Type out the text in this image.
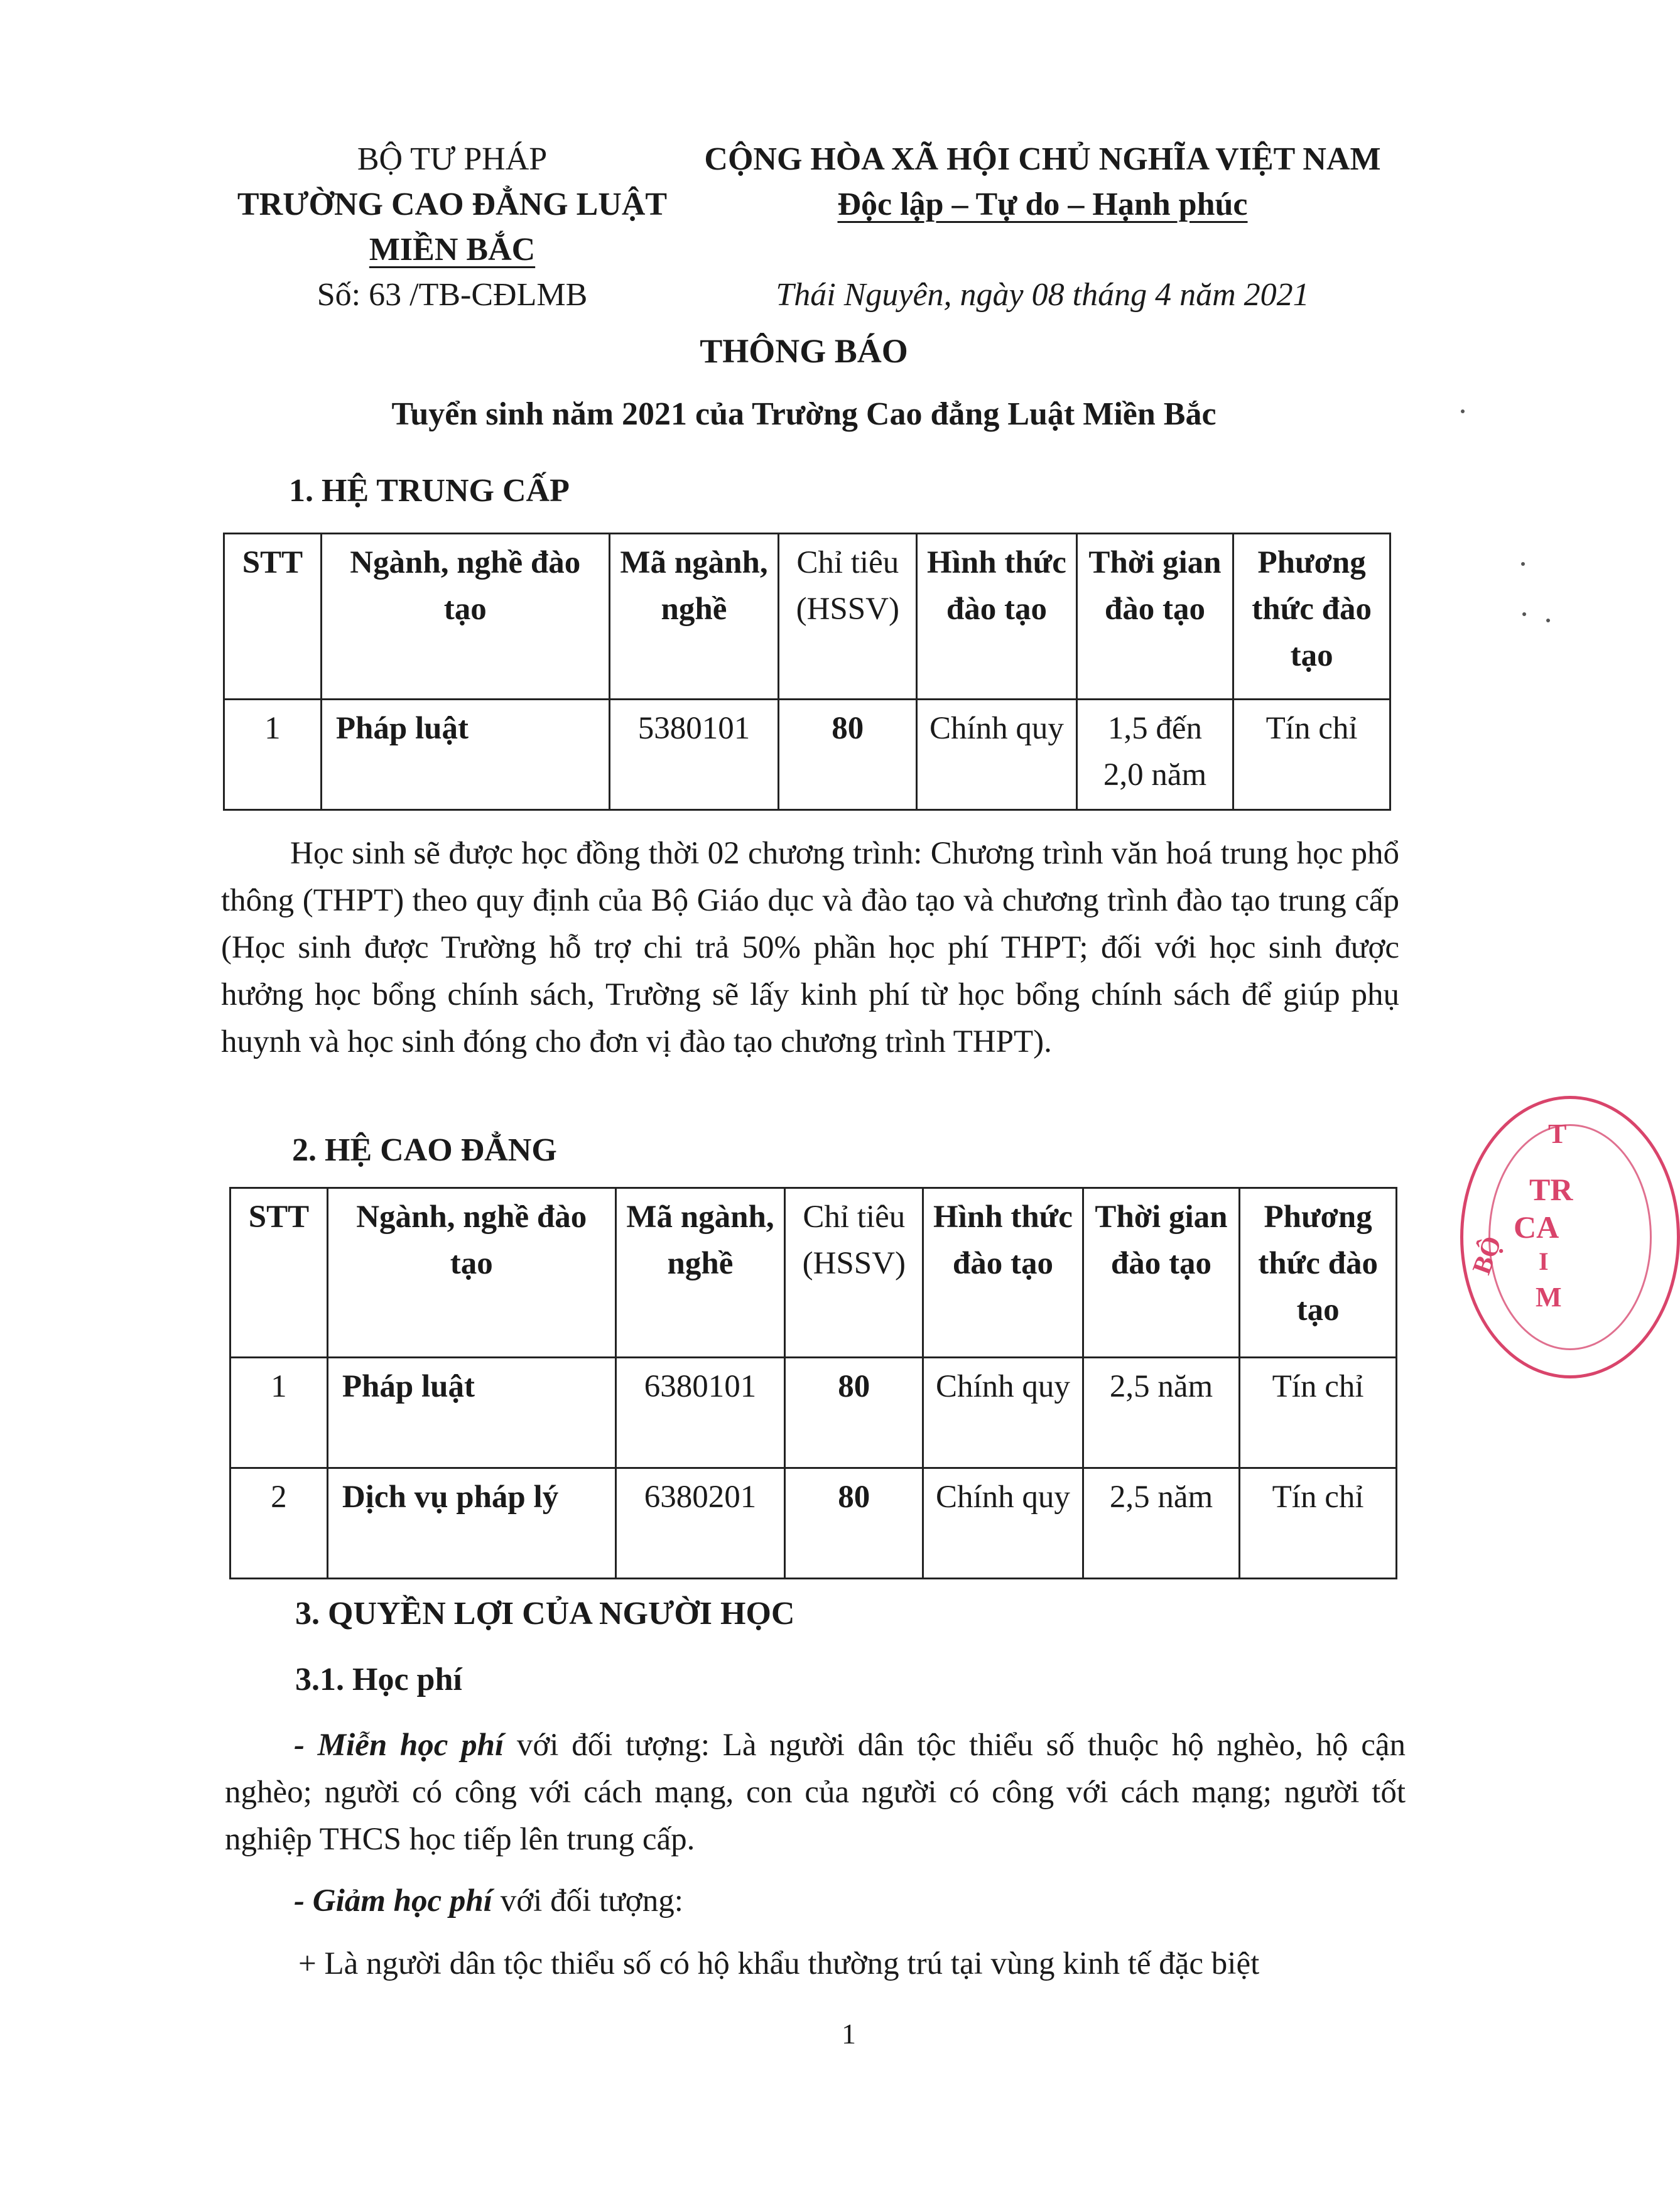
BỘ TƯ PHÁP
TRƯỜNG CAO ĐẲNG LUẬT
MIỀN BẮC
Số: 63 /TB-CĐLMB
CỘNG HÒA XÃ HỘI CHỦ NGHĨA VIỆT NAM
Độc lập – Tự do – Hạnh phúc
Thái Nguyên, ngày 08 tháng 4 năm 2021
THÔNG BÁO
Tuyển sinh năm 2021 của Trường Cao đẳng Luật Miền Bắc
1. HỆ TRUNG CẤP
STT	Ngành, nghề đào tạo	Mã ngành, nghề	Chỉ tiêu (HSSV)	Hình thức đào tạo	Thời gian đào tạo	Phương thức đào tạo
1	Pháp luật	5380101	80	Chính quy	1,5 đến 2,0 năm	Tín chỉ
Học sinh sẽ được học đồng thời 02 chương trình: Chương trình văn hoá trung học phổ thông (THPT) theo quy định của Bộ Giáo dục và đào tạo và chương trình đào tạo trung cấp (Học sinh được Trường hỗ trợ chi trả 50% phần học phí THPT; đối với học sinh được hưởng học bổng chính sách, Trường sẽ lấy kinh phí từ học bổng chính sách để giúp phụ huynh và học sinh đóng cho đơn vị đào tạo chương trình THPT).
2. HỆ CAO ĐẲNG
STT	Ngành, nghề đào tạo	Mã ngành, nghề	Chỉ tiêu (HSSV)	Hình thức đào tạo	Thời gian đào tạo	Phương thức đào tạo
1	Pháp luật	6380101	80	Chính quy	2,5 năm	Tín chỉ
2	Dịch vụ pháp lý	6380201	80	Chính quy	2,5 năm	Tín chỉ
3. QUYỀN LỢI CỦA NGƯỜI HỌC
3.1. Học phí
- Miễn học phí với đối tượng: Là người dân tộc thiểu số thuộc hộ nghèo, hộ cận nghèo; người có công với cách mạng, con của người có công với cách mạng; người tốt nghiệp THCS học tiếp lên trung cấp.
- Giảm học phí với đối tượng:
+ Là người dân tộc thiểu số có hộ khẩu thường trú tại vùng kinh tế đặc biệt
1
T
TR
CA
I
M
BỘ
